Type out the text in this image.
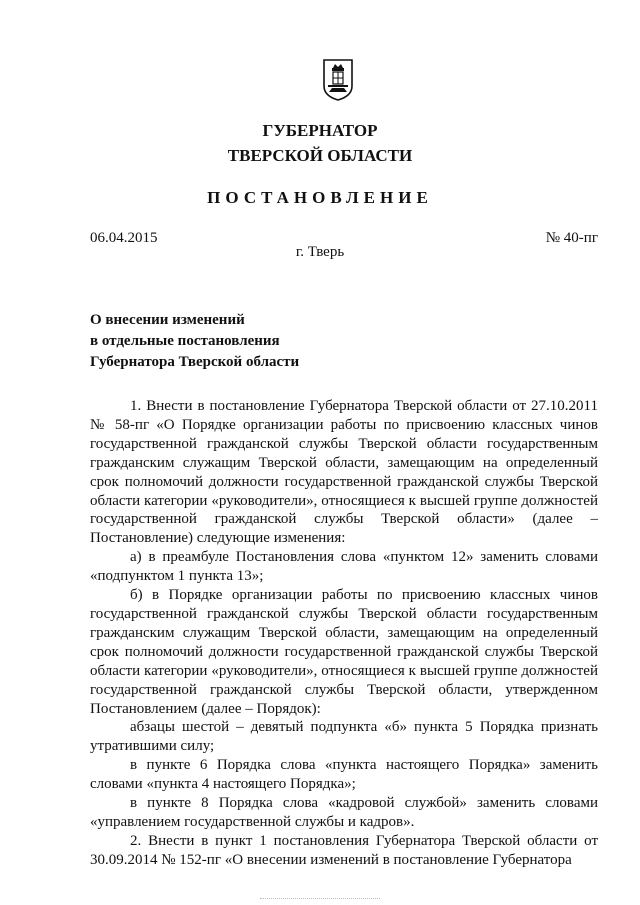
ГУБЕРНАТОР
ТВЕРСКОЙ ОБЛАСТИ
ПОСТАНОВЛЕНИЕ
06.04.2015	№ 40-пг
г. Тверь
О внесении изменений
в отдельные постановления
Губернатора Тверской области

1. Внести в постановление Губернатора Тверской области от 27.10.2011 № 58-пг «О Порядке организации работы по присвоению классных чинов государственной гражданской службы Тверской области государственным гражданским служащим Тверской области, замещающим на определенный срок полномочий должности государственной гражданской службы Тверской области категории «руководители», относящиеся к высшей группе должностей государственной гражданской службы Тверской области» (далее – Постановление) следующие изменения:

а) в преамбуле Постановления слова «пунктом 12» заменить словами «подпунктом 1 пункта 13»;

б) в Порядке организации работы по присвоению классных чинов государственной гражданской службы Тверской области государственным гражданским служащим Тверской области, замещающим на определенный срок полномочий должности государственной гражданской службы Тверской области категории «руководители», относящиеся к высшей группе должностей государственной гражданской службы Тверской области, утвержденном Постановлением (далее – Порядок):

абзацы шестой – девятый подпункта «б» пункта 5 Порядка признать утратившими силу;

в пункте 6 Порядка слова «пункта настоящего Порядка» заменить словами «пункта 4 настоящего Порядка»;

в пункте 8 Порядка слова «кадровой службой» заменить словами «управлением государственной службы и кадров».

2. Внести в пункт 1 постановления Губернатора Тверской области от 30.09.2014 № 152-пг «О внесении изменений в постановление Губернатора
